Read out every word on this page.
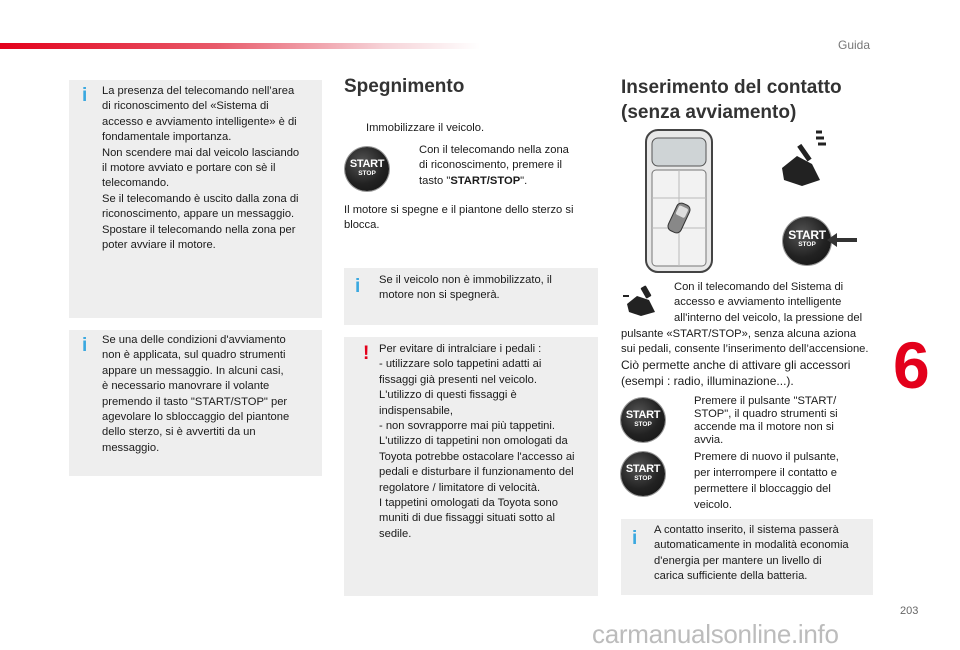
Guida
i La presenza del telecomando nell’area
di riconoscimento del «Sistema di
accesso e avviamento intelligente» è di
fondamentale importanza.
Non scendere mai dal veicolo lasciando
il motore avviato e portare con sè il
telecomando.
Se il telecomando è uscito dalla zona di
riconoscimento, appare un messaggio.
Spostare il telecomando nella zona per
poter avviare il motore.
i Se una delle condizioni d'avviamento
non è applicata, sul quadro strumenti
appare un messaggio. In alcuni casi,
è necessario manovrare il volante
premendo il tasto "START/STOP" per
agevolare lo sbloccaggio del piantone
dello sterzo, si è avvertiti da un
messaggio.
Spegnimento
Immobilizzare il veicolo.
START
STOP
Con il telecomando nella zona
di riconoscimento, premere il
tasto "START/STOP".
Il motore si spegne e il piantone dello sterzo si
blocca.
i Se il veicolo non è immobilizzato, il
motore non si spegnerà.
! Per evitare di intralciare i pedali :
- utilizzare solo tappetini adatti ai
fissaggi già presenti nel veicolo.
L'utilizzo di questi fissaggi è
indispensabile,
- non sovrapporre mai più tappetini.
L'utilizzo di tappetini non omologati da
Toyota potrebbe ostacolare l'accesso ai
pedali e disturbare il funzionamento del
regolatore / limitatore di velocità.
I tappetini omologati da Toyota sono
muniti di due fissaggi situati sotto al
sedile.
Inserimento del contatto
(senza avviamento)
START
STOP
Con il telecomando del Sistema di
accesso e avviamento intelligente
all'interno del veicolo, la pressione del
pulsante «START/STOP», senza alcuna aziona
sui pedali, consente l’inserimento dell’accensione.
Ciò permette anche di attivare gli accessori
(esempi : radio, illuminazione...).
START
STOP
Premere il pulsante "START/
STOP", il quadro strumenti si
accende ma il motore non si
avvia.
START
STOP
Premere di nuovo il pulsante,
per interrompere il contatto e
permettere il bloccaggio del
veicolo.
i A contatto inserito, il sistema passerà
automaticamente in modalità economia
d'energia per mantere un livello di
carica sufficiente della batteria.
6
203
carmanualsonline.info
